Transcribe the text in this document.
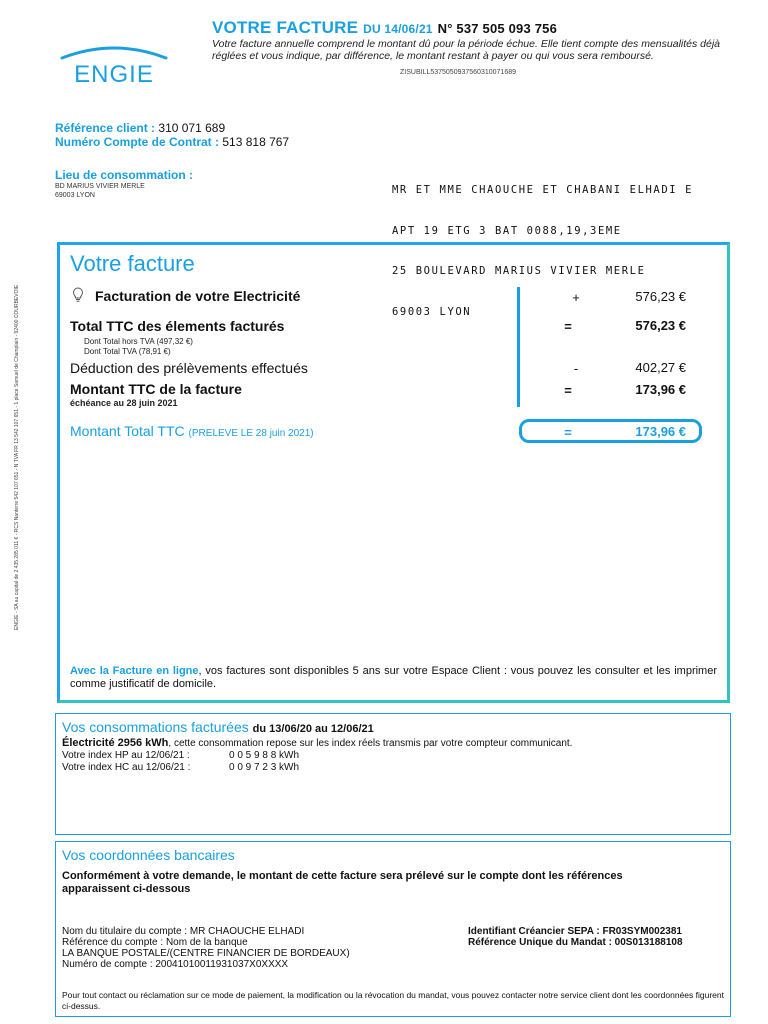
ENGIE
VOTRE FACTURE DU 14/06/21 N° 537 505 093 756
Votre facture annuelle comprend le montant dû pour la période échue. Elle tient compte des mensualités déjà réglées et vous indique, par différence, le montant restant à payer ou qui vous sera remboursé.
ZISUBILL5375050937560310071689
Référence client : 310 071 689
Numéro Compte de Contrat : 513 818 767
Lieu de consommation :
BD MARIUS VIVIER MERLE
69003 LYON

	MR ET MME CHAOUCHE ET CHABANI ELHADI E

APT 19 ETG 3 BAT 0088,19,3EME

25 BOULEVARD MARIUS VIVIER MERLE

69003 LYON

ENGIE - SA au capital de 2 435 285 011 € - RCS Nanterre 542 107 651 - N TVA FR 13 542 107 651 - 1 place Samuel de Champlain - 92400 COURBEVOIE
Votre facture
Facturation de votre Electricité	+	576,23 €
Total TTC des élements facturés	=	576,23 €
Dont Total hors TVA (497,32 €)
Dont Total TVA (78,91 €)
Déduction des prélèvements effectués	-	402,27 €
Montant TTC de la facture	=	173,96 €
échéance au 28 juin 2021
Montant Total TTC (PRELEVE LE 28 juin 2021)	=	173,96 €
Avec la Facture en ligne, vos factures sont disponibles 5 ans sur votre Espace Client : vous pouvez les consulter et les imprimer comme justificatif de domicile.
Vos consommations facturées du 13/06/20 au 12/06/21
Électricité 2956 kWh, cette consommation repose sur les index réels transmis par votre compteur communicant.
Votre index HP au 12/06/21 :	0 0 5 9 8 8 kWh
Votre index HC au 12/06/21 :	0 0 9 7 2 3 kWh
Vos coordonnées bancaires
Conformément à votre demande, le montant de cette facture sera prélevé sur le compte dont les références apparaissent ci-dessous
Nom du titulaire du compte : MR CHAOUCHE ELHADI
Référence du compte : Nom de la banque
LA BANQUE POSTALE/(CENTRE FINANCIER DE BORDEAUX)
Numéro de compte : 20041010011931037X0XXXX
Identifiant Créancier SEPA : FR03SYM002381
Référence Unique du Mandat : 00S013188108
Pour tout contact ou réclamation sur ce mode de paiement, la modification ou la révocation du mandat, vous pouvez contacter notre service client dont les coordonnées figurent ci-dessus.
